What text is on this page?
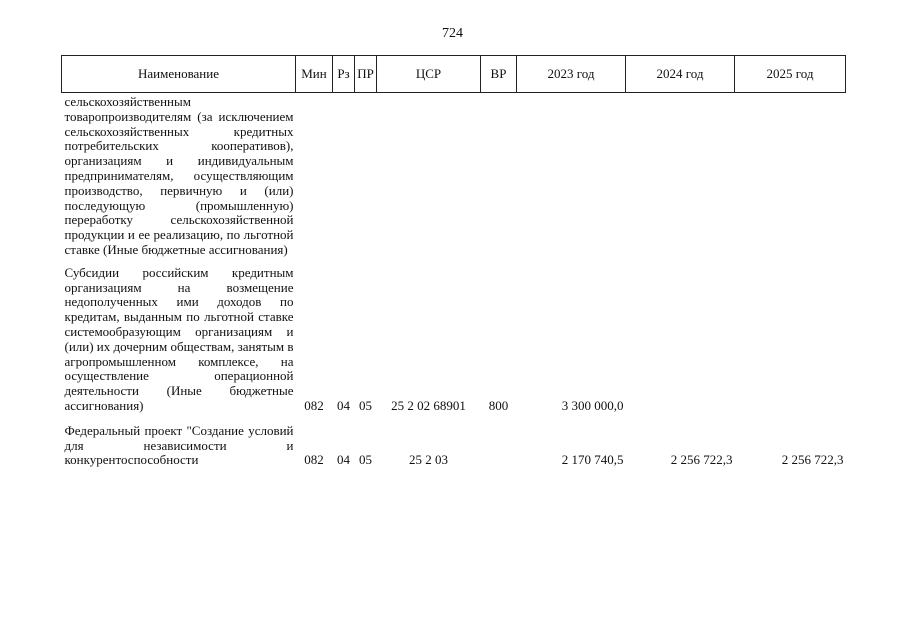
724
Наименование	Мин	Рз	ПР	ЦСР	ВР	2023 год	2024 год	2025 год
сельскохозяйственным товаропроизводителям (за исключением сельскохозяйственных кредитных потребительских кооперативов), организациям и индивидуальным предпринимателям, осуществляющим производство, первичную и (или) последующую (промышленную) переработку сельскохозяйственной продукции и ее реализацию, по льготной ставке (Иные бюджетные ассигнования)								
Субсидии российским кредитным организациям на возмещение недополученных ими доходов по кредитам, выданным по льготной ставке системообразующим организациям и (или) их дочерним обществам, занятым в агропромышленном комплексе, на осуществление операционной деятельности (Иные бюджетные ассигнования)	082	04	05	25 2 02 68901	800	3 300 000,0		
Федеральный проект "Создание условий для независимости и конкурентоспособности	082	04	05	25 2 03		2 170 740,5	2 256 722,3	2 256 722,3
